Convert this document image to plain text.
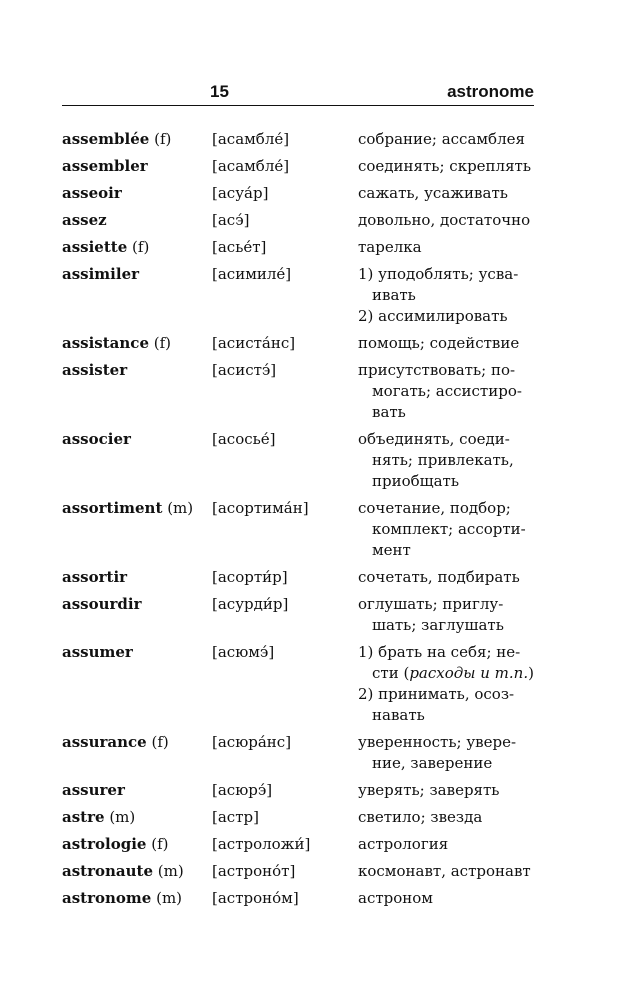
15	astronome
assemblée (f)	[асамбле́]	собрание; ассамблея
assembler	[асамбле́]	соединять; скреплять
asseoir	[асуа́р]	сажать, усаживать
assez	[асэ́]	довольно, достаточно
assiette (f)	[асье́т]	тарелка
assimiler	[асимиле́]	1) уподоблять; усва-
ивать
2) ассимилировать
assistance (f)	[асиста́нс]	помощь; содействие
assister	[асистэ́]	присутствовать; по-
могать; ассистиро-
вать
associer	[асосье́]	объединять, соеди-
нять; привлекать,
приобщать
assortiment (m)	[асортима́н]	сочетание, подбор;
комплект; ассорти-
мент
assortir	[асорти́р]	сочетать, подбирать
assourdir	[асурди́р]	оглушать; приглу-
шать; заглушать
assumer	[асюмэ́]	1) брать на себя; не-
сти (расходы и т.п.)
2) принимать, осоз-
навать
assurance (f)	[асюра́нс]	уверенность; увере-
ние, заверение
assurer	[асюрэ́]	уверять; заверять
astre (m)	[астр]	светило; звезда
astrologie (f)	[астроложи́]	астрология
astronaute (m)	[астроно́т]	космонавт, астронавт
astronome (m)	[астроно́м]	астроном
